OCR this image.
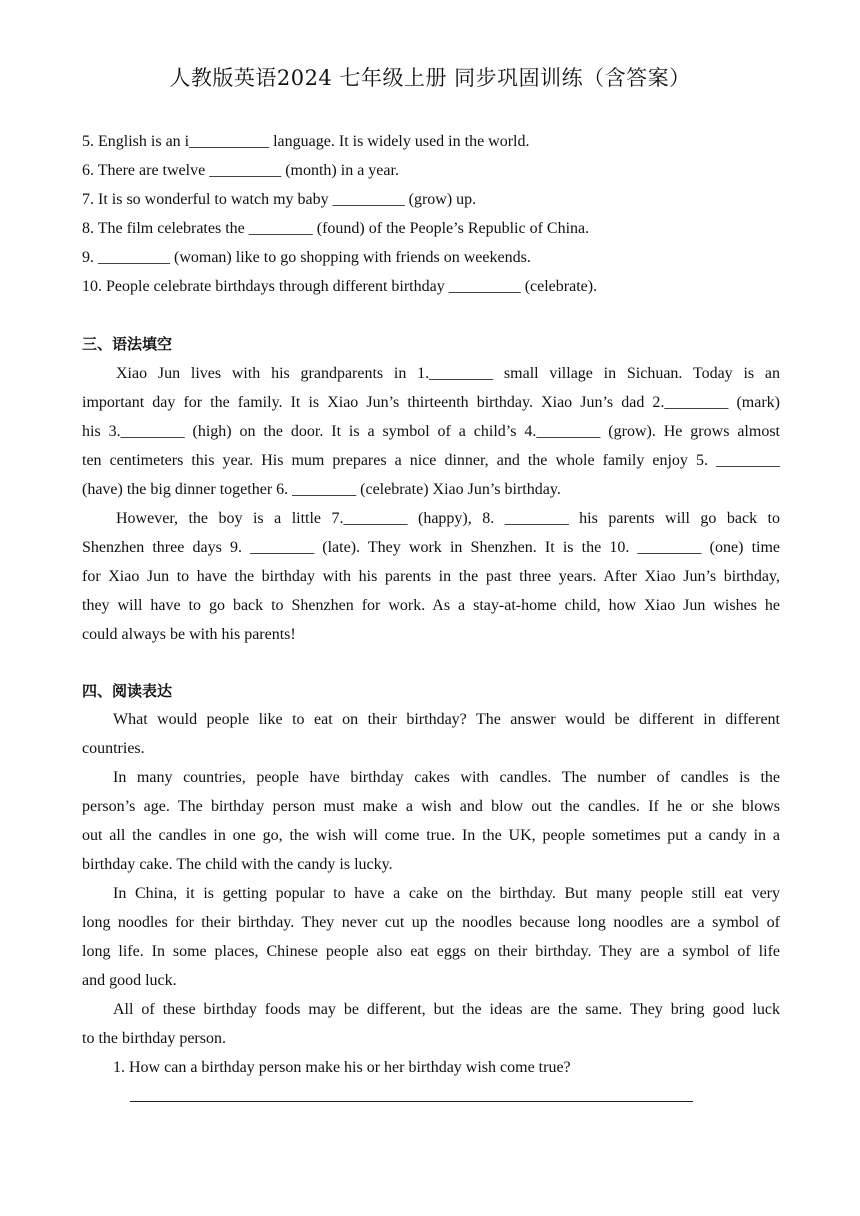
人教版英语2024 七年级上册 同步巩固训练（含答案）
5. English is an i__________ language. It is widely used in the world.
6. There are twelve _________ (month) in a year.
7. It is so wonderful to watch my baby _________ (grow) up.
8. The film celebrates the ________ (found) of the People’s Republic of China.
9. _________ (woman) like to go shopping with friends on weekends.
10. People celebrate birthdays through different birthday _________ (celebrate).
三、语法填空
Xiao Jun lives with his grandparents in 1.________ small village in Sichuan. Today is an
important day for the family. It is Xiao Jun’s thirteenth birthday. Xiao Jun’s dad 2.________ (mark)
his 3.________ (high) on the door. It is a symbol of a child’s 4.________ (grow). He grows almost
ten centimeters this year. His mum prepares a nice dinner, and the whole family enjoy 5. ________
(have) the big dinner together 6. ________ (celebrate) Xiao Jun’s birthday.
However, the boy is a little 7.________ (happy), 8. ________ his parents will go back to
Shenzhen three days 9. ________ (late). They work in Shenzhen. It is the 10. ________ (one) time
for Xiao Jun to have the birthday with his parents in the past three years. After Xiao Jun’s birthday,
they will have to go back to Shenzhen for work. As a stay-at-home child, how Xiao Jun wishes he
could always be with his parents!
四、阅读表达
What would people like to eat on their birthday? The answer would be different in different
countries.
In many countries, people have birthday cakes with candles. The number of candles is the
person’s age. The birthday person must make a wish and blow out the candles. If he or she blows
out all the candles in one go, the wish will come true. In the UK, people sometimes put a candy in a
birthday cake. The child with the candy is lucky.
In China, it is getting popular to have a cake on the birthday. But many people still eat very
long noodles for their birthday. They never cut up the noodles because long noodles are a symbol of
long life. In some places, Chinese people also eat eggs on their birthday. They are a symbol of life
and good luck.
All of these birthday foods may be different, but the ideas are the same. They bring good luck
to the birthday person.
1. How can a birthday person make his or her birthday wish come true?
